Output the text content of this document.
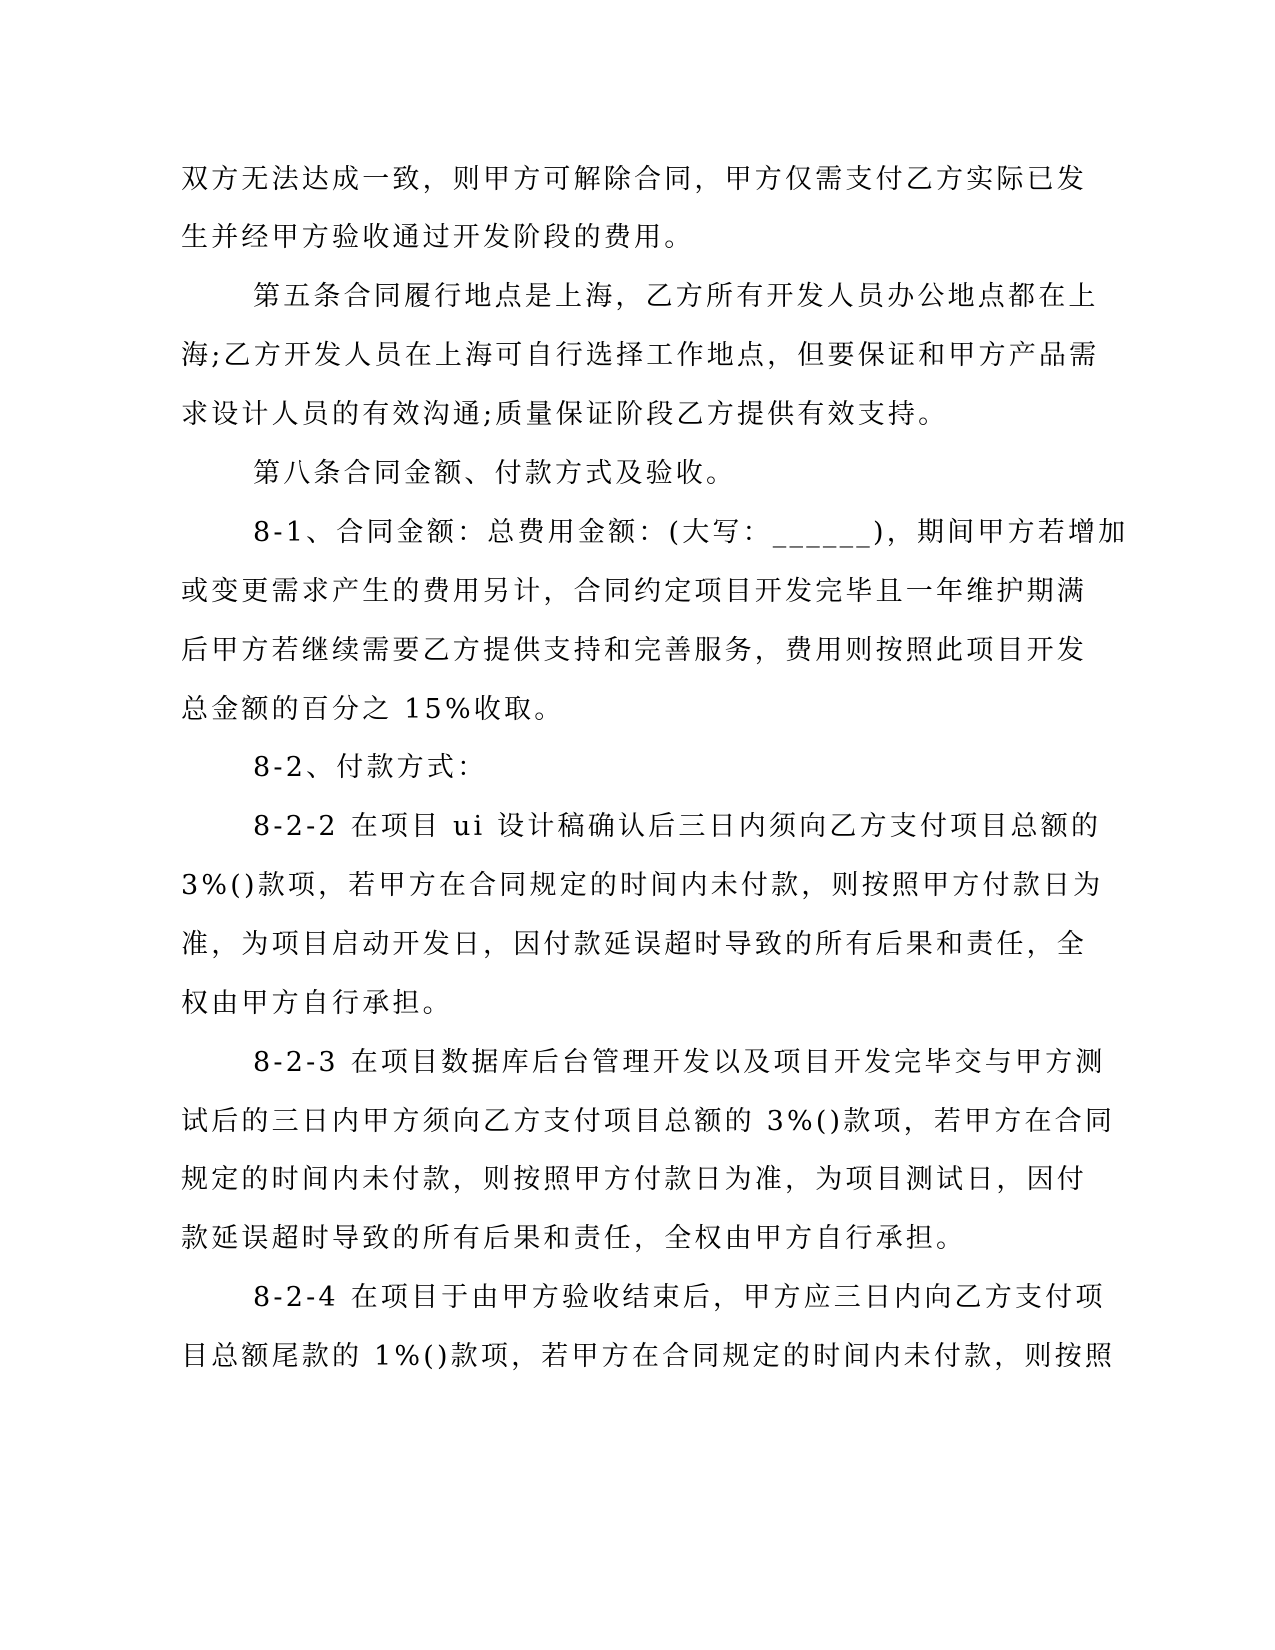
双方无法达成一致，则甲方可解除合同，甲方仅需支付乙方实际已发
生并经甲方验收通过开发阶段的费用。
第五条合同履行地点是上海，乙方所有开发人员办公地点都在上
海;乙方开发人员在上海可自行选择工作地点，但要保证和甲方产品需
求设计人员的有效沟通;质量保证阶段乙方提供有效支持。
第八条合同金额、付款方式及验收。
8-1、合同金额：总费用金额：(大写：______)，期间甲方若增加
或变更需求产生的费用另计，合同约定项目开发完毕且一年维护期满
后甲方若继续需要乙方提供支持和完善服务，费用则按照此项目开发
总金额的百分之 15%收取。
8-2、付款方式：
8-2-2 在项目 ui 设计稿确认后三日内须向乙方支付项目总额的
3%()款项，若甲方在合同规定的时间内未付款，则按照甲方付款日为
准，为项目启动开发日，因付款延误超时导致的所有后果和责任，全
权由甲方自行承担。
8-2-3 在项目数据库后台管理开发以及项目开发完毕交与甲方测
试后的三日内甲方须向乙方支付项目总额的 3%()款项，若甲方在合同
规定的时间内未付款，则按照甲方付款日为准，为项目测试日，因付
款延误超时导致的所有后果和责任，全权由甲方自行承担。
8-2-4 在项目于由甲方验收结束后，甲方应三日内向乙方支付项
目总额尾款的 1%()款项，若甲方在合同规定的时间内未付款，则按照
